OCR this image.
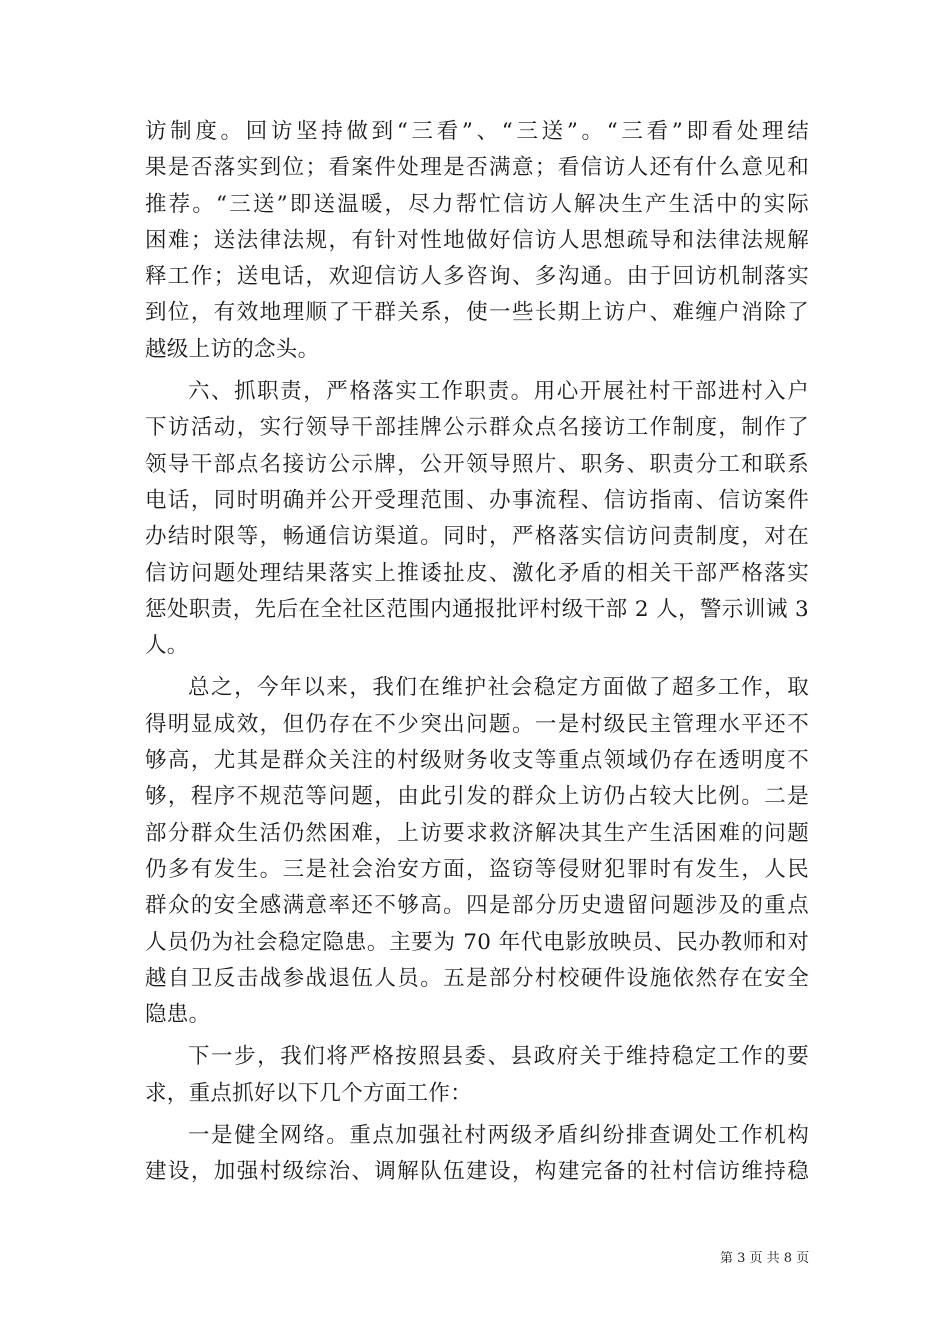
访制度。回访坚持做到“三看”、“三送”。“三看”即看处理结
果是否落实到位；看案件处理是否满意；看信访人还有什么意见和
推荐。“三送”即送温暖，尽力帮忙信访人解决生产生活中的实际
困难；送法律法规，有针对性地做好信访人思想疏导和法律法规解
释工作；送电话，欢迎信访人多咨询、多沟通。由于回访机制落实
到位，有效地理顺了干群关系，使一些长期上访户、难缠户消除了
越级上访的念头。
六、抓职责，严格落实工作职责。用心开展社村干部进村入户
下访活动，实行领导干部挂牌公示群众点名接访工作制度，制作了
领导干部点名接访公示牌，公开领导照片、职务、职责分工和联系
电话，同时明确并公开受理范围、办事流程、信访指南、信访案件
办结时限等，畅通信访渠道。同时，严格落实信访问责制度，对在
信访问题处理结果落实上推诿扯皮、激化矛盾的相关干部严格落实
惩处职责，先后在全社区范围内通报批评村级干部 2 人，警示训诫 3
人。
总之，今年以来，我们在维护社会稳定方面做了超多工作，取
得明显成效，但仍存在不少突出问题。一是村级民主管理水平还不
够高，尤其是群众关注的村级财务收支等重点领域仍存在透明度不
够，程序不规范等问题，由此引发的群众上访仍占较大比例。二是
部分群众生活仍然困难，上访要求救济解决其生产生活困难的问题
仍多有发生。三是社会治安方面，盗窃等侵财犯罪时有发生，人民
群众的安全感满意率还不够高。四是部分历史遗留问题涉及的重点
人员仍为社会稳定隐患。主要为 70 年代电影放映员、民办教师和对
越自卫反击战参战退伍人员。五是部分村校硬件设施依然存在安全
隐患。
下一步，我们将严格按照县委、县政府关于维持稳定工作的要
求，重点抓好以下几个方面工作：
一是健全网络。重点加强社村两级矛盾纠纷排查调处工作机构
建设，加强村级综治、调解队伍建设，构建完备的社村信访维持稳
第 3 页 共 8 页
